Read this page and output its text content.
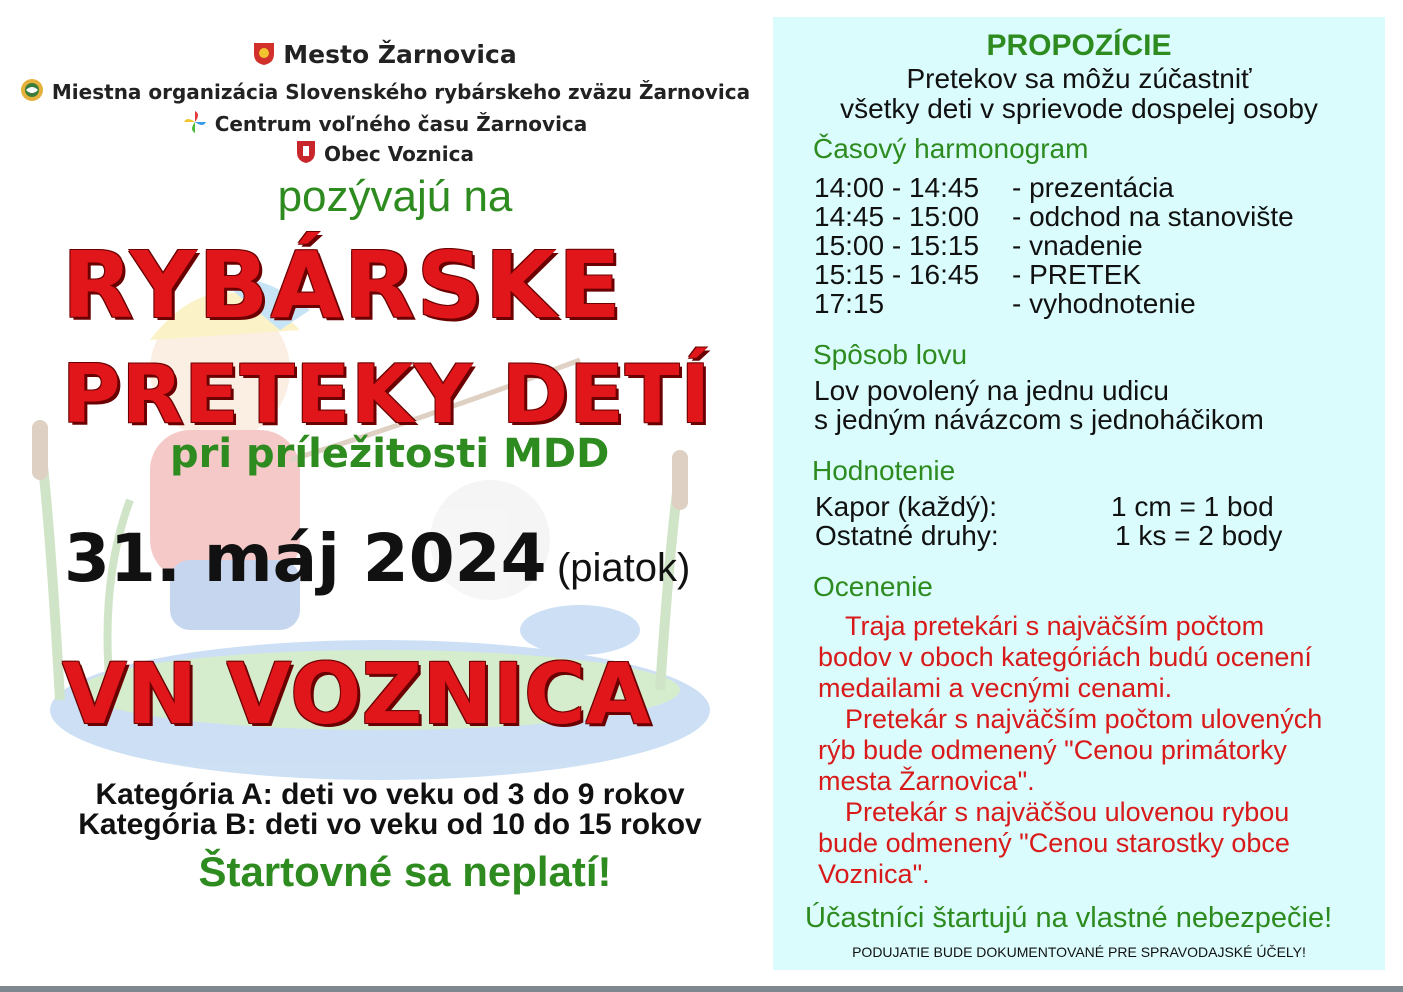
Mesto Žarnovica
Miestna organizácia Slovenského rybárskeho zväzu Žarnovica
Centrum voľného času Žarnovica
Obec Voznica
pozývajú na
RYBÁRSKE
PRETEKY DETÍ
pri príležitosti MDD
31. máj 2024 (piatok)
VN VOZNICA
Kategória A: deti vo veku od 3 do 9 rokov
Kategória B: deti vo veku od 10 do 15 rokov
Štartovné sa neplatí!
PROPOZÍCIE
Pretekov sa môžu zúčastniť
všetky deti v sprievode dospelej osoby
Časový harmonogram
14:00 - 14:45 - prezentácia
14:45 - 15:00 - odchod na stanovište
15:00 - 15:15 - vnadenie
15:15 - 16:45 - PRETEK
17:15	- vyhodnotenie
Spôsob lovu
Lov povolený na jednu udicu
s jedným návázcom s jednoháčikom
Hodnotenie
Kapor (každý):	1 cm = 1 bod
Ostatné druhy:	1 ks = 2 body
Ocenenie
Traja pretekári s najväčším počtom
bodov v oboch kategóriách budú ocenení
medailami a vecnými cenami.
Pretekár s najväčším počtom ulovených
rýb bude odmenený "Cenou primátorky
mesta Žarnovica".
Pretekár s najväčšou ulovenou rybou
bude odmenený "Cenou starostky obce
Voznica".
Účastníci štartujú na vlastné nebezpečie!
PODUJATIE BUDE DOKUMENTOVANÉ PRE SPRAVODAJSKÉ ÚČELY!
